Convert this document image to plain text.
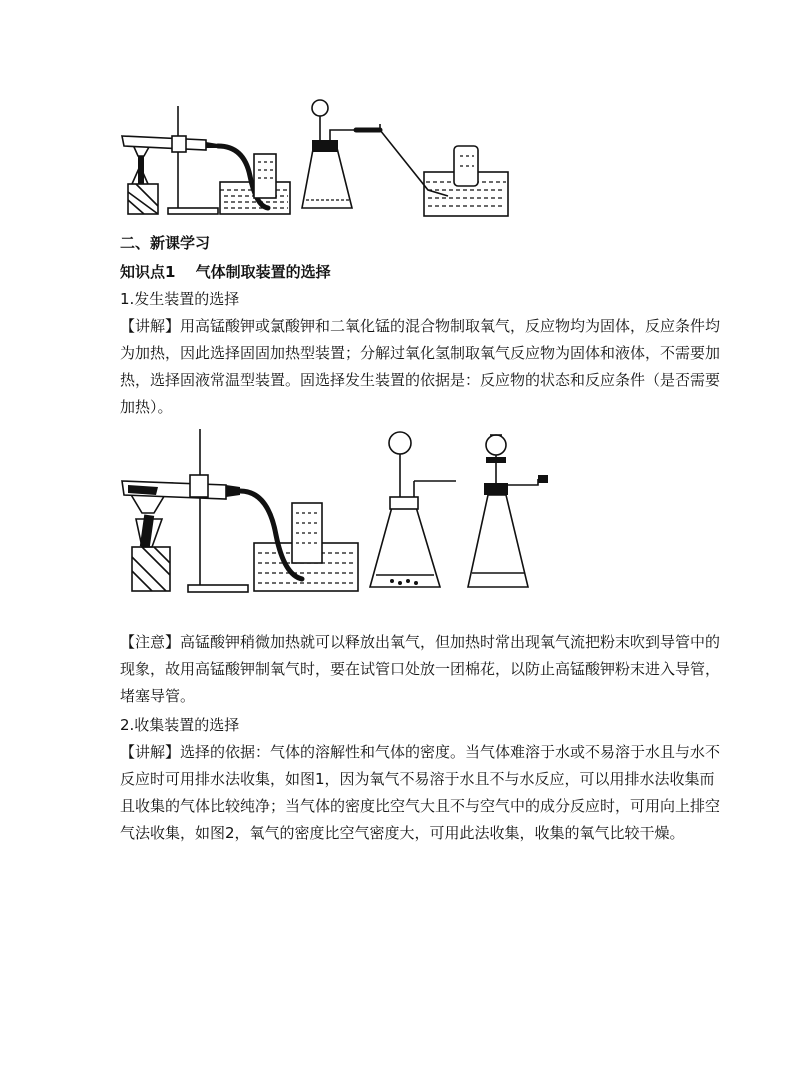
二、新课学习
知识点1　 气体制取装置的选择
1.发生装置的选择
【讲解】用高锰酸钾或氯酸钾和二氧化锰的混合物制取氧气，反应物均为固体，反应条件均
为加热，因此选择固固加热型装置；分解过氧化氢制取氧气反应物为固体和液体，不需要加
热，选择固液常温型装置。固选择发生装置的依据是：反应物的状态和反应条件（是否需要
加热）。
【注意】高锰酸钾稍微加热就可以释放出氧气，但加热时常出现氧气流把粉末吹到导管中的
现象，故用高锰酸钾制氧气时，要在试管口处放一团棉花，以防止高锰酸钾粉末进入导管，
堵塞导管。
2.收集装置的选择
【讲解】选择的依据：气体的溶解性和气体的密度。当气体难溶于水或不易溶于水且与水不
反应时可用排水法收集，如图1，因为氧气不易溶于水且不与水反应，可以用排水法收集而
且收集的气体比较纯净；当气体的密度比空气大且不与空气中的成分反应时，可用向上排空
气法收集，如图2，氧气的密度比空气密度大，可用此法收集，收集的氧气比较干燥。
